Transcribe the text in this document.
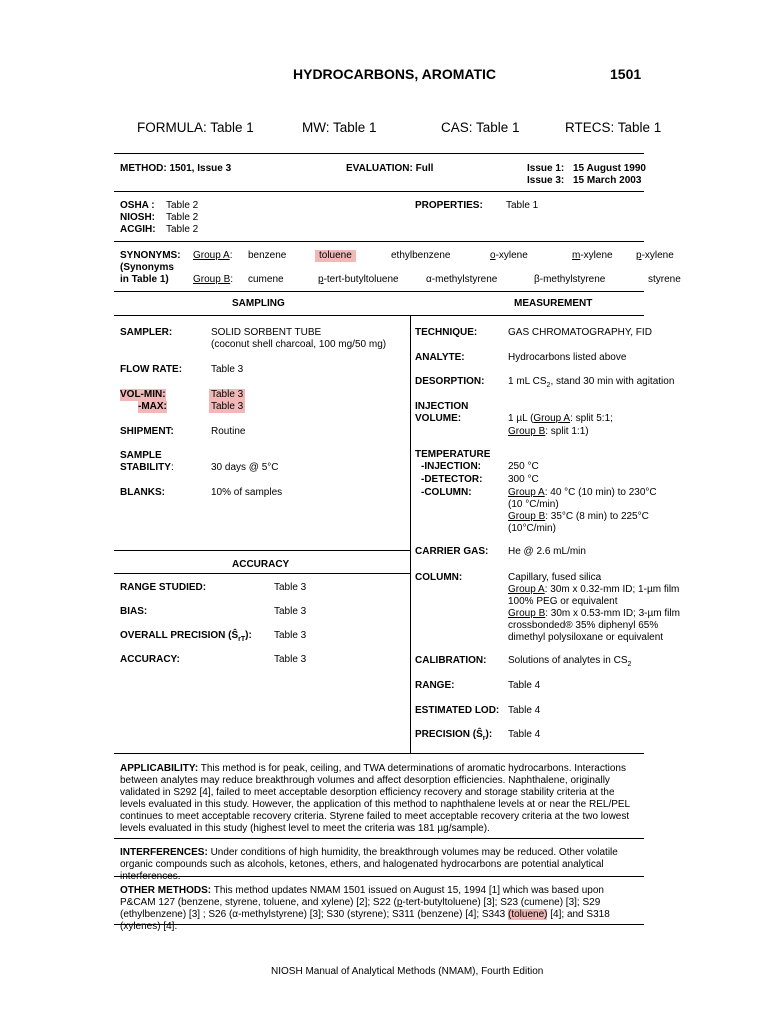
HYDROCARBONS, AROMATIC	1501
FORMULA: Table 1	MW: Table 1	CAS: Table 1	RTECS: Table 1
METHOD: 1501, Issue 3	EVALUATION: Full	Issue 1: 15 August 1990
Issue 3: 15 March 2003
OSHA : Table 2
NIOSH: Table 2
ACGIH: Table 2
PROPERTIES: Table 1
SYNONYMS:
(Synonyms
in Table 1)
Group A: benzene	toluene	ethylbenzene	o-xylene	m-xylene p-xylene
Group B: cumene	p-tert-butyltoluene	α-methylstyrene	β-methylstyrene	styrene
SAMPLING	MEASUREMENT
ACCURACY
SAMPLER:	SOLID SORBENT TUBE
(coconut shell charcoal, 100 mg/50 mg)
FLOW RATE:	Table 3
VOL-MIN:	Table 3
-MAX:	Table 3
SHIPMENT:	Routine
SAMPLE
STABILITY:	30 days @ 5°C
BLANKS:	10% of samples
RANGE STUDIED:	Table 3
BIAS:	Table 3
OVERALL PRECISION $(Ŝ_{rT})$: Table 3
ACCURACY:	Table 3
TECHNIQUE:	GAS CHROMATOGRAPHY, FID
ANALYTE:	Hydrocarbons listed above
DESORPTION: 1 mL $CS_2$, stand 30 min with agitation
INJECTION
VOLUME:	1 µL (Group A: split 5:1;
Group B: split 1:1)
TEMPERATURE
-INJECTION:	250 °C
-DETECTOR:	300 °C
-COLUMN:	Group A: 40 °C (10 min) to 230°C
(10 °C/min)
Group B: 35°C (8 min) to 225°C
(10°C/min)
CARRIER GAS: He @ 2.6 mL/min
COLUMN:	Capillary, fused silica
Group A: 30m x 0.32-mm ID; 1-µm film
100% PEG or equivalent
Group B: 30m x 0.53-mm ID; 3-µm film
crossbonded® 35% diphenyl 65%
dimethyl polysiloxane or equivalent
CALIBRATION: Solutions of analytes in $CS_2$
RANGE:	Table 4
ESTIMATED LOD: Table 4
PRECISION $(Ŝ_r)$: Table 4
APPLICABILITY: This method is for peak, ceiling, and TWA determinations of aromatic hydrocarbons. Interactions between analytes may reduce breakthrough volumes and affect desorption efficiencies. Naphthalene, originally validated in S292 [4], failed to meet acceptable desorption efficiency recovery and storage stability criteria at the levels evaluated in this study. However, the application of this method to naphthalene levels at or near the REL/PEL continues to meet acceptable recovery criteria. Styrene failed to meet acceptable recovery criteria at the two lowest levels evaluated in this study (highest level to meet the criteria was 181 µg/sample).
INTERFERENCES: Under conditions of high humidity, the breakthrough volumes may be reduced. Other volatile organic compounds such as alcohols, ketones, ethers, and halogenated hydrocarbons are potential analytical interferences.
OTHER METHODS: This method updates NMAM 1501 issued on August 15, 1994 [1] which was based upon P&CAM 127 (benzene, styrene, toluene, and xylene) [2]; S22 (p-tert-butyltoluene) [3]; S23 (cumene) [3]; S29 (ethylbenzene) [3] ; S26 (α-methylstyrene) [3]; S30 (styrene); S311 (benzene) [4]; S343 (toluene) [4]; and S318 (xylenes) [4].
NIOSH Manual of Analytical Methods (NMAM), Fourth Edition
